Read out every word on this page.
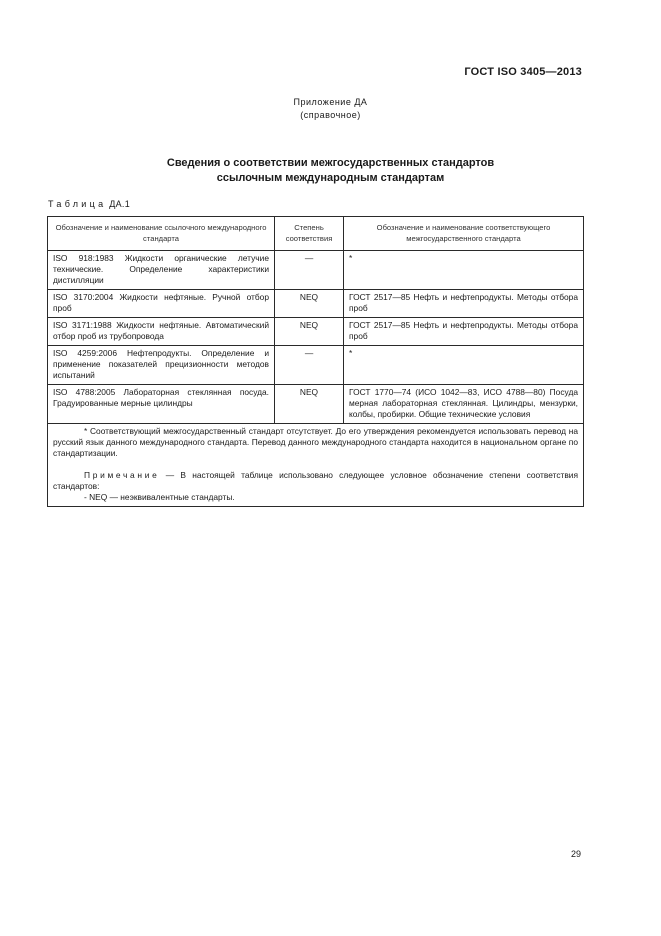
ГОСТ ISO 3405—2013
Приложение ДА
(справочное)
Сведения о соответствии межгосударственных стандартов
ссылочным международным стандартам
Таблица ДА.1
Обозначение и наименование ссылочного международного стандарта	Степень соответствия	Обозначение и наименование соответствующего межгосударственного стандарта
ISO 918:1983 Жидкости органические летучие технические. Определение характеристики дистилляции	—	*
ISO 3170:2004 Жидкости нефтяные. Ручной отбор проб	NEQ	ГОСТ 2517—85 Нефть и нефтепродукты. Методы отбора проб
ISO 3171:1988 Жидкости нефтяные. Автоматический отбор проб из трубопровода	NEQ	ГОСТ 2517—85 Нефть и нефтепродукты. Методы отбора проб
ISO 4259:2006 Нефтепродукты. Определение и применение показателей прецизионности методов испытаний	—	*
ISO 4788:2005 Лабораторная стеклянная посуда. Градуированные мерные цилиндры	NEQ	ГОСТ 1770—74 (ИСО 1042—83, ИСО 4788—80) Посуда мерная лабораторная стеклянная. Цилиндры, мензурки, колбы, пробирки. Общие технические условия

* Соответствующий межгосударственный стандарт отсутствует. До его утверждения рекомендуется использовать перевод на русский язык данного международного стандарта. Перевод данного международного стандарта находится в национальном органе по стандартизации.

Примечание — В настоящей таблице использовано следующее условное обозначение степени соответствия стандартов:

- NEQ — неэквивалентные стандарты.		

29
